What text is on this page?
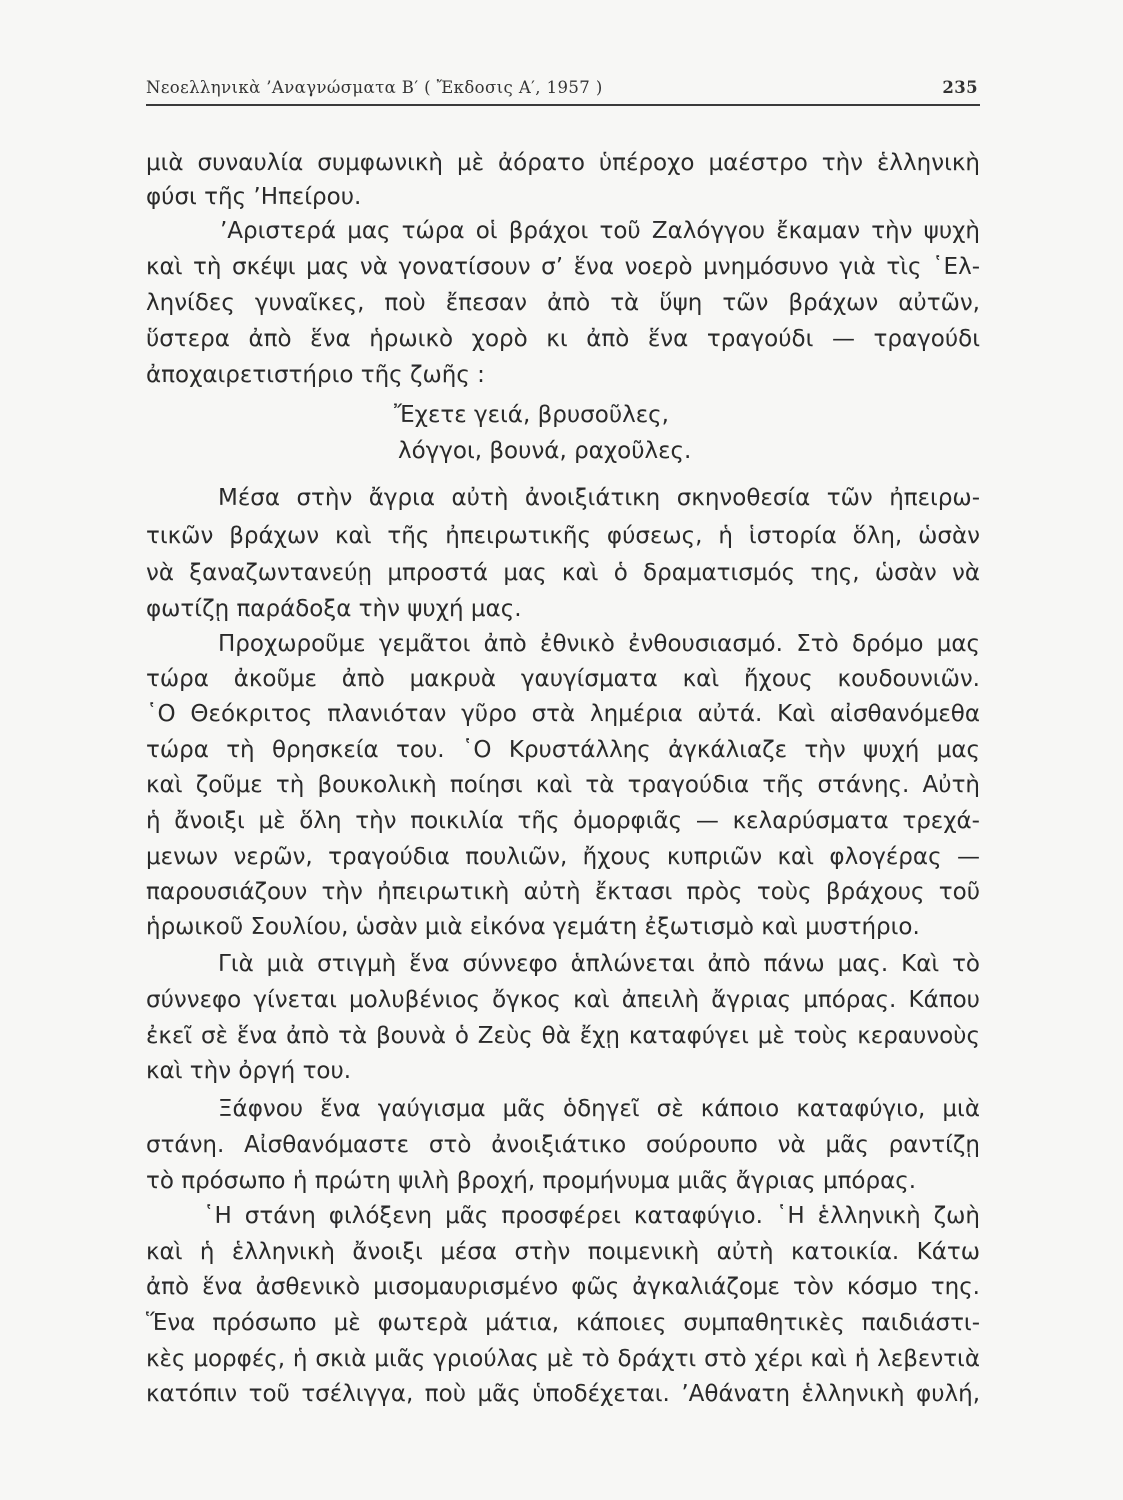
Νεοελληνικὰ ’Αναγνώσματα Β′ ( Ἔκδοσις Α′, 1957 )	235
μιὰ συναυλία συμφωνικὴ μὲ ἀόρατο ὑπέροχο μαέστρο τὴν ἑλληνικὴ
φύσι τῆς ’Ηπείρου.
’Αριστερά μας τώρα οἱ βράχοι τοῦ Ζαλόγγου ἔκαμαν τὴν ψυχὴ
καὶ τὴ σκέψι μας νὰ γονατίσουν σ’ ἕνα νοερὸ μνημόσυνο γιὰ τὶς ῾Ελ-
ληνίδες γυναῖκες, ποὺ ἔπεσαν ἀπὸ τὰ ὕψη τῶν βράχων αὐτῶν,
ὕστερα ἀπὸ ἕνα ἡρωικὸ χορὸ κι ἀπὸ ἕνα τραγούδι — τραγούδι
ἀποχαιρετιστήριο τῆς ζωῆς :
Ἔχετε γειά, βρυσοῦλες,
λόγγοι, βουνά, ραχοῦλες.
Μέσα στὴν ἄγρια αὐτὴ ἀνοιξιάτικη σκηνοθεσία τῶν ἠπειρω-
τικῶν βράχων καὶ τῆς ἠπειρωτικῆς φύσεως, ἡ ἱστορία ὅλη, ὡσὰν
νὰ ξαναζωντανεύῃ μπροστά μας καὶ ὁ δραματισμός της, ὡσὰν νὰ
φωτίζῃ παράδοξα τὴν ψυχή μας.
Προχωροῦμε γεμᾶτοι ἀπὸ ἐθνικὸ ἐνθουσιασμό. Στὸ δρόμο μας
τώρα ἀκοῦμε ἀπὸ μακρυὰ γαυγίσματα καὶ ἤχους κουδουνιῶν.
῾Ο Θεόκριτος πλανιόταν γῦρο στὰ λημέρια αὐτά. Καὶ αἰσθανόμεθα
τώρα τὴ θρησκεία του. ῾Ο Κρυστάλλης ἀγκάλιαζε τὴν ψυχή μας
καὶ ζοῦμε τὴ βουκολικὴ ποίησι καὶ τὰ τραγούδια τῆς στάνης. Αὐτὴ
ἡ ἄνοιξι μὲ ὅλη τὴν ποικιλία τῆς ὀμορφιᾶς — κελαρύσματα τρεχά-
μενων νερῶν, τραγούδια πουλιῶν, ἤχους κυπριῶν καὶ φλογέρας —
παρουσιάζουν τὴν ἠπειρωτικὴ αὐτὴ ἔκτασι πρὸς τοὺς βράχους τοῦ
ἡρωικοῦ Σουλίου, ὡσὰν μιὰ εἰκόνα γεμάτη ἐξωτισμὸ καὶ μυστήριο.
Γιὰ μιὰ στιγμὴ ἕνα σύννεφο ἁπλώνεται ἀπὸ πάνω μας. Καὶ τὸ
σύννεφο γίνεται μολυβένιος ὄγκος καὶ ἀπειλὴ ἄγριας μπόρας. Κάπου
ἐκεῖ σὲ ἕνα ἀπὸ τὰ βουνὰ ὁ Ζεὺς θὰ ἔχῃ καταφύγει μὲ τοὺς κεραυνοὺς
καὶ τὴν ὀργή του.
Ξάφνου ἕνα γαύγισμα μᾶς ὁδηγεῖ σὲ κάποιο καταφύγιο, μιὰ
στάνη. Αἰσθανόμαστε στὸ ἀνοιξιάτικο σούρουπο νὰ μᾶς ραντίζῃ
τὸ πρόσωπο ἡ πρώτη ψιλὴ βροχή, προμήνυμα μιᾶς ἄγριας μπόρας.
῾Η στάνη φιλόξενη μᾶς προσφέρει καταφύγιο. ῾Η ἑλληνικὴ ζωὴ
καὶ ἡ ἑλληνικὴ ἄνοιξι μέσα στὴν ποιμενικὴ αὐτὴ κατοικία. Κάτω
ἀπὸ ἕνα ἀσθενικὸ μισομαυρισμένο φῶς ἀγκαλιάζομε τὸν κόσμο της.
Ἕνα πρόσωπο μὲ φωτερὰ μάτια, κάποιες συμπαθητικὲς παιδιάστι-
κὲς μορφές, ἡ σκιὰ μιᾶς γριούλας μὲ τὸ δράχτι στὸ χέρι καὶ ἡ λεβεντιὰ
κατόπιν τοῦ τσέλιγγα, ποὺ μᾶς ὑποδέχεται. ’Αθάνατη ἑλληνικὴ φυλή,
